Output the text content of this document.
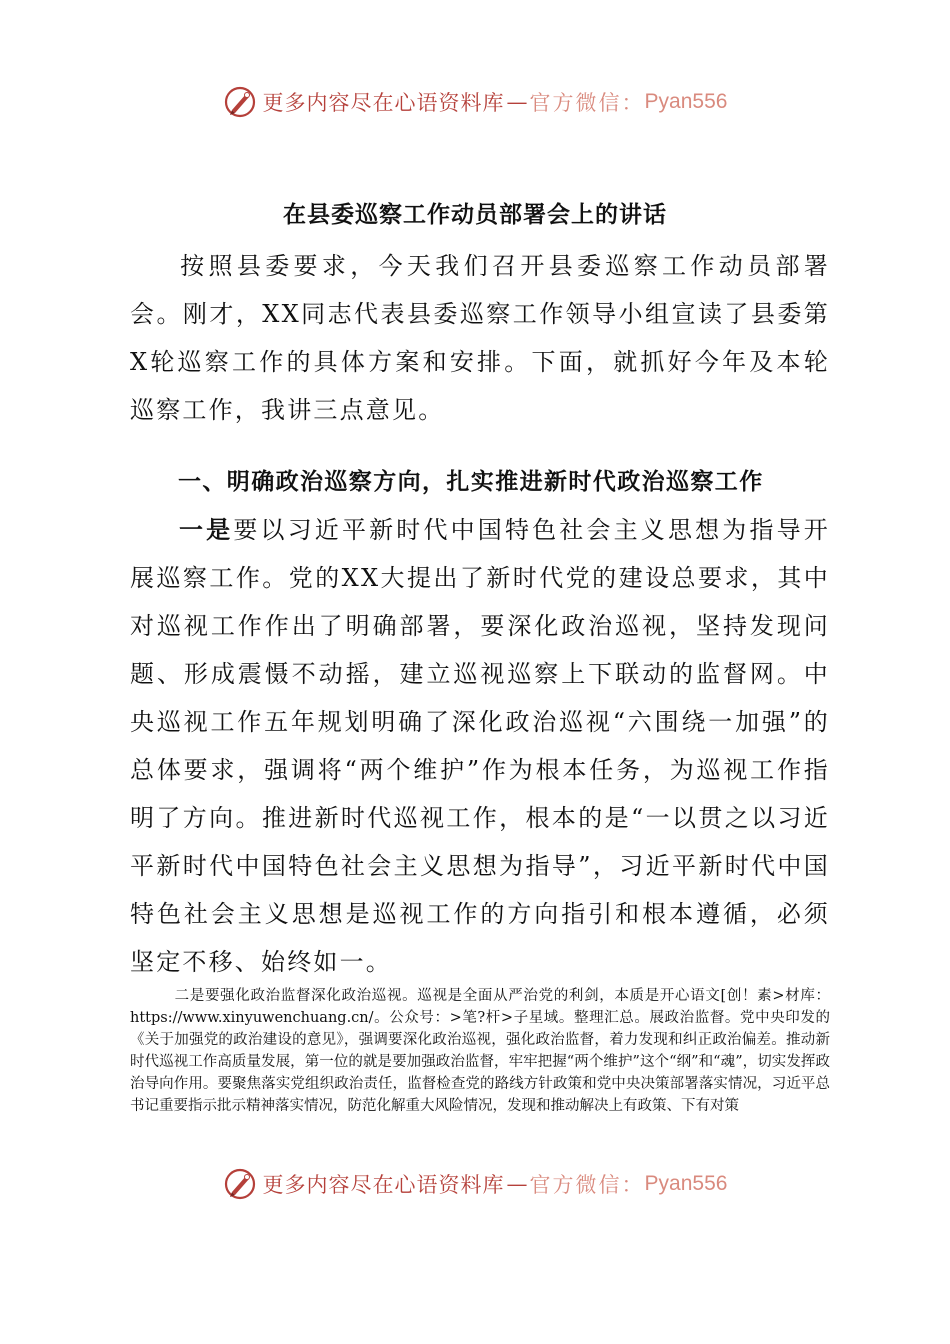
更多内容尽在心语资料库 — 官方微信： Pyan556
在县委巡察工作动员部署会上的讲话

按照县委要求，今天我们召开县委巡察工作动员部署会。刚才，XX同志代表县委巡察工作领导小组宣读了县委第X轮巡察工作的具体方案和安排。下面，就抓好今年及本轮巡察工作，我讲三点意见。

一、明确政治巡察方向，扎实推进新时代政治巡察工作

一是要以习近平新时代中国特色社会主义思想为指导开展巡察工作。党的XX大提出了新时代党的建设总要求，其中对巡视工作作出了明确部署，要深化政治巡视，坚持发现问题、形成震慑不动摇，建立巡视巡察上下联动的监督网。中央巡视工作五年规划明确了深化政治巡视“六围绕一加强”的总体要求，强调将“两个维护”作为根本任务，为巡视工作指明了方向。推进新时代巡视工作，根本的是“一以贯之以习近平新时代中国特色社会主义思想为指导”，习近平新时代中国特色社会主义思想是巡视工作的方向指引和根本遵循，必须坚定不移、始终如一。

二是要强化政治监督深化政治巡视。巡视是全面从严治党的利剑，本质是开心语文[创！素>材库：https://www.xinyuwenchuang.cn/。公众号：>笔?杆>子星域。整理汇总。展政治监督。党中央印发的《关于加强党的政治建设的意见》，强调要深化政治巡视，强化政治监督，着力发现和纠正政治偏差。推动新时代巡视工作高质量发展，第一位的就是要加强政治监督，牢牢把握“两个维护”这个“纲”和“魂”，切实发挥政治导向作用。要聚焦落实党组织政治责任，监督检查党的路线方针政策和党中央决策部署落实情况，习近平总书记重要指示批示精神落实情况，防范化解重大风险情况，发现和推动解决上有政策、下有对策

更多内容尽在心语资料库 — 官方微信： Pyan556
